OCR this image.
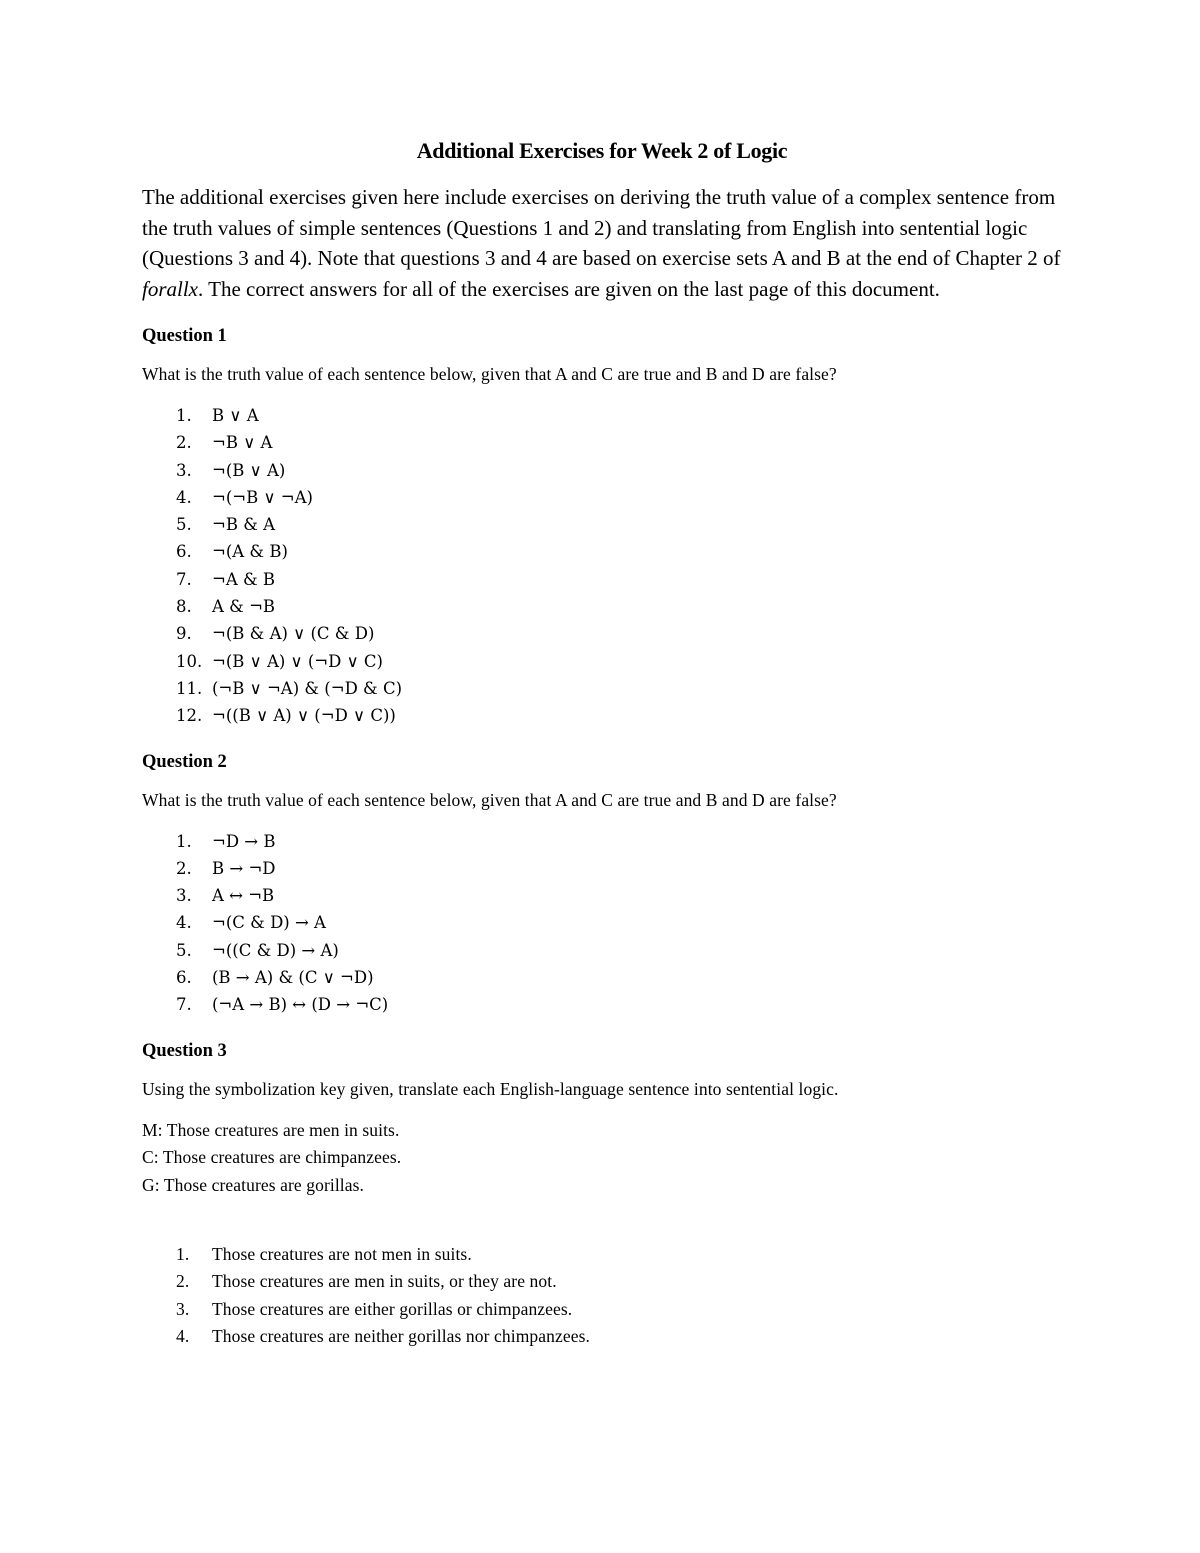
Additional Exercises for Week 2 of Logic

The additional exercises given here include exercises on deriving the truth value of a complex sentence from the truth values of simple sentences (Questions 1 and 2) and translating from English into sentential logic (Questions 3 and 4). Note that questions 3 and 4 are based on exercise sets A and B at the end of Chapter 2 of forallx. The correct answers for all of the exercises are given on the last page of this document.

Question 1

What is the truth value of each sentence below, given that A and C are true and B and D are false?

1.	B ∨ A
2.	¬B ∨ A
3.	¬(B ∨ A)
4.	¬(¬B ∨ ¬A)
5.	¬B & A
6.	¬(A & B)
7.	¬A & B
8.	A & ¬B
9.	¬(B & A) ∨ (C & D)
10. ¬(B ∨ A) ∨ (¬D ∨ C)
11. (¬B ∨ ¬A) & (¬D & C)
12. ¬((B ∨ A) ∨ (¬D ∨ C))
Question 2

What is the truth value of each sentence below, given that A and C are true and B and D are false?

1.	¬D → B
2.	B → ¬D
3.	A ↔ ¬B
4.	¬(C & D) → A
5.	¬((C & D) → A)
6.	(B → A) & (C ∨ ¬D)
7.	(¬A → B) ↔ (D → ¬C)
Question 3

Using the symbolization key given, translate each English-language sentence into sentential logic.

M: Those creatures are men in suits.
C: Those creatures are chimpanzees.
G: Those creatures are gorillas.
1.	Those creatures are not men in suits.
2.	Those creatures are men in suits, or they are not.
3.	Those creatures are either gorillas or chimpanzees.
4.	Those creatures are neither gorillas nor chimpanzees.
